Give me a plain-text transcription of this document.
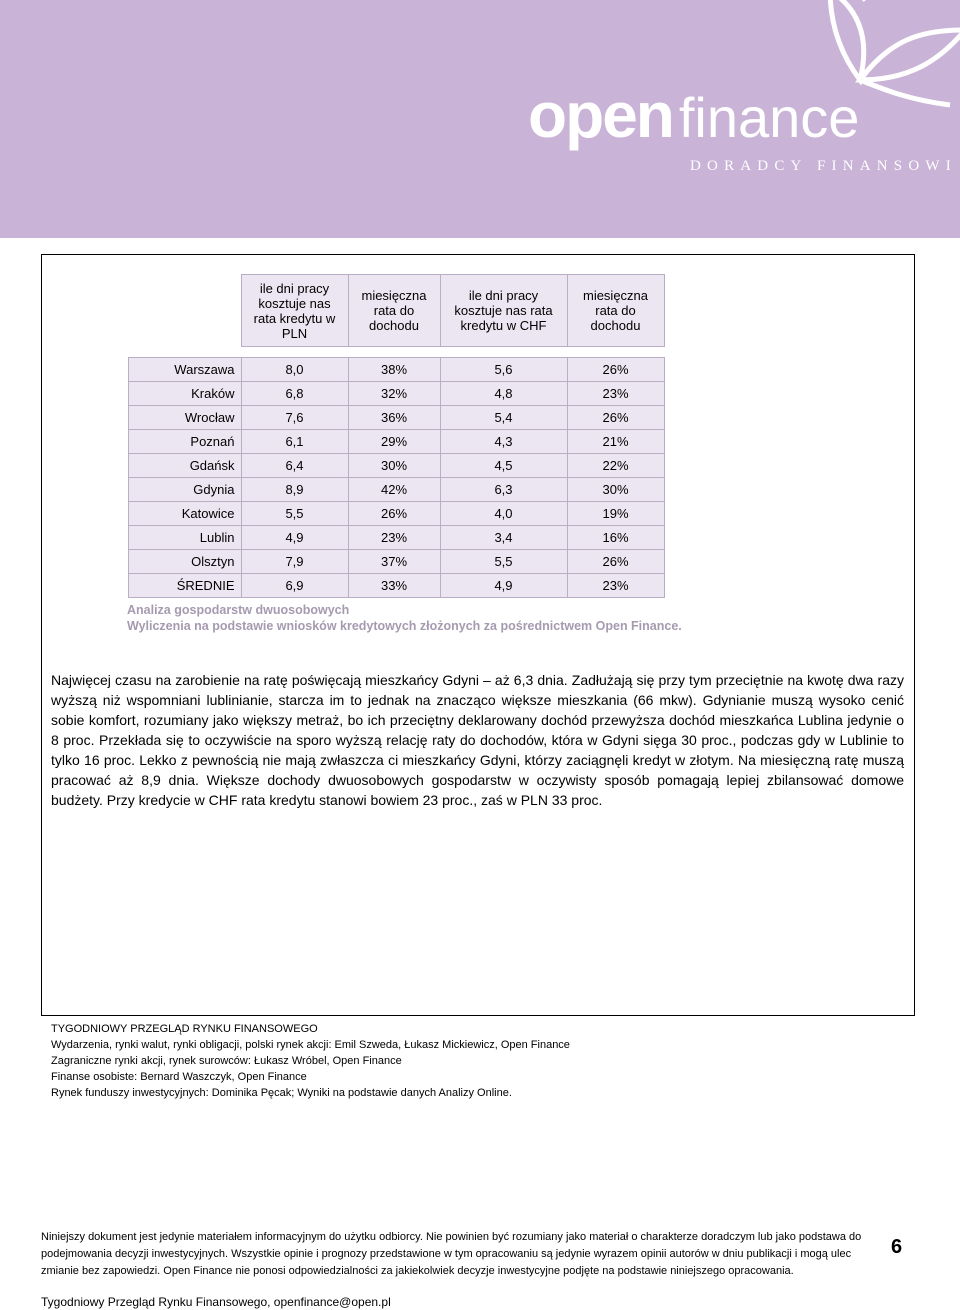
open finance
DORADCY FINANSOWI
	ile dni pracy kosztuje nas rata kredytu w PLN	miesięczna rata do dochodu	ile dni pracy kosztuje nas rata kredytu w CHF	miesięczna rata do dochodu

Warszawa	8,0	38%	5,6	26%
Kraków	6,8	32%	4,8	23%
Wrocław	7,6	36%	5,4	26%
Poznań	6,1	29%	4,3	21%
Gdańsk	6,4	30%	4,5	22%
Gdynia	8,9	42%	6,3	30%
Katowice	5,5	26%	4,0	19%
Lublin	4,9	23%	3,4	16%
Olsztyn	7,9	37%	5,5	26%
ŚREDNIE	6,9	33%	4,9	23%
Analiza gospodarstw dwuosobowych
Wyliczenia na podstawie wniosków kredytowych złożonych za pośrednictwem Open Finance.

Najwięcej czasu na zarobienie na ratę poświęcają mieszkańcy Gdyni – aż 6,3 dnia. Zadłużają się przy tym przeciętnie na kwotę dwa razy wyższą niż wspomniani lublinianie, starcza im to jednak na znacząco większe mieszkania (66 mkw). Gdynianie muszą wysoko cenić sobie komfort, rozumiany jako większy metraż, bo ich przeciętny deklarowany dochód przewyższa dochód mieszkańca Lublina jedynie o 8 proc. Przekłada się to oczywiście na sporo wyższą relację raty do dochodów, która w Gdyni sięga 30 proc., podczas gdy w Lublinie to tylko 16 proc. Lekko z pewnością nie mają zwłaszcza ci mieszkańcy Gdyni, którzy zaciągnęli kredyt w złotym. Na miesięczną ratę muszą pracować aż 8,9 dnia. Większe dochody dwuosobowych gospodarstw w oczywisty sposób pomagają lepiej zbilansować domowe budżety. Przy kredycie w CHF rata kredytu stanowi bowiem 23 proc., zaś w PLN 33 proc.

TYGODNIOWY PRZEGLĄD RYNKU FINANSOWEGO
Wydarzenia, rynki walut, rynki obligacji, polski rynek akcji: Emil Szweda, Łukasz Mickiewicz, Open Finance
Zagraniczne rynki akcji, rynek surowców: Łukasz Wróbel, Open Finance
Finanse osobiste: Bernard Waszczyk, Open Finance
Rynek funduszy inwestycyjnych: Dominika Pęcak; Wyniki na podstawie danych Analizy Online.
Niniejszy dokument jest jedynie materiałem informacyjnym do użytku odbiorcy. Nie powinien być rozumiany jako materiał o charakterze doradczym lub jako podstawa do podejmowania decyzji inwestycyjnych. Wszystkie opinie i prognozy przedstawione w tym opracowaniu są jedynie wyrazem opinii autorów w dniu publikacji i mogą ulec zmianie bez zapowiedzi. Open Finance nie ponosi odpowiedzialności za jakiekolwiek decyzje inwestycyjne podjęte na podstawie niniejszego opracowania.
6
Tygodniowy Przegląd Rynku Finansowego, openfinance@open.pl
